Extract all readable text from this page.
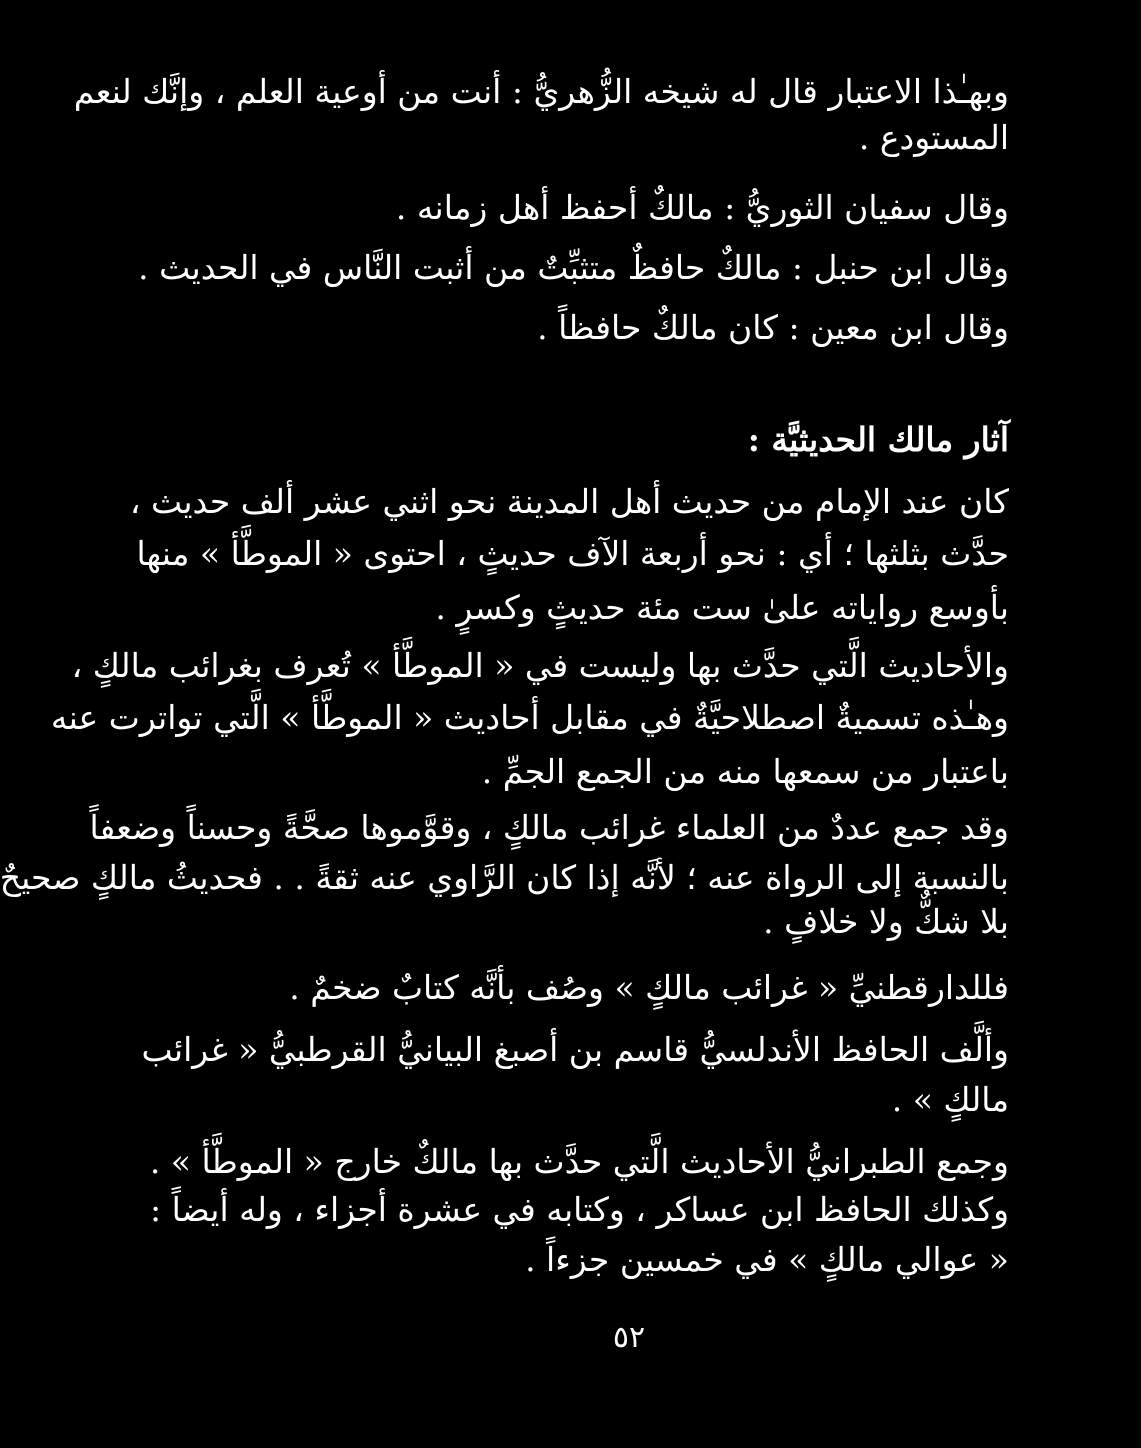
وبهـٰذا الاعتبار قال له شيخه الزُّهريُّ : أنت من أوعية العلم ، وإنَّك لنعم
المستودع .
وقال سفيان الثوريُّ : مالكٌ أحفظ أهل زمانه .
وقال ابن حنبل : مالكٌ حافظٌ متثبِّتٌ من أثبت النَّاس في الحديث .
وقال ابن معين : كان مالكٌ حافظاً .
آثار مالك الحديثيَّة :
كان عند الإمام من حديث أهل المدينة نحو اثني عشر ألف حديث ،
حدَّث بثلثها ؛ أي : نحو أربعة الآف حديثٍ ، احتوى « الموطَّأ » منها
بأوسع رواياته علىٰ ست مئة حديثٍ وكسرٍ .
والأحاديث الَّتي حدَّث بها وليست في « الموطَّأ » تُعرف بغرائب مالكٍ ،
وهـٰذه تسميةٌ اصطلاحيَّةٌ في مقابل أحاديث « الموطَّأ » الَّتي تواترت عنه
باعتبار من سمعها منه من الجمع الجمِّ .
وقد جمع عددٌ من العلماء غرائب مالكٍ ، وقوَّموها صحَّةً وحسناً وضعفاً
بالنسبة إلى الرواة عنه ؛ لأنَّه إذا كان الرَّاوي عنه ثقةً . . فحديثُ مالكٍ صحيحٌ
بلا شكٌّ ولا خلافٍ .
فللدارقطنيِّ « غرائب مالكٍ » وصُف بأنَّه كتابٌ ضخمٌ .
وألَّف الحافظ الأندلسيُّ قاسم بن أصبغ البيانيُّ القرطبيُّ « غرائب
مالكٍ » .
وجمع الطبرانيُّ الأحاديث الَّتي حدَّث بها مالكٌ خارج « الموطَّأ » .
وكذلك الحافظ ابن عساكر ، وكتابه في عشرة أجزاء ، وله أيضاً :
« عوالي مالكٍ » في خمسين جزءاً .
٥٢
